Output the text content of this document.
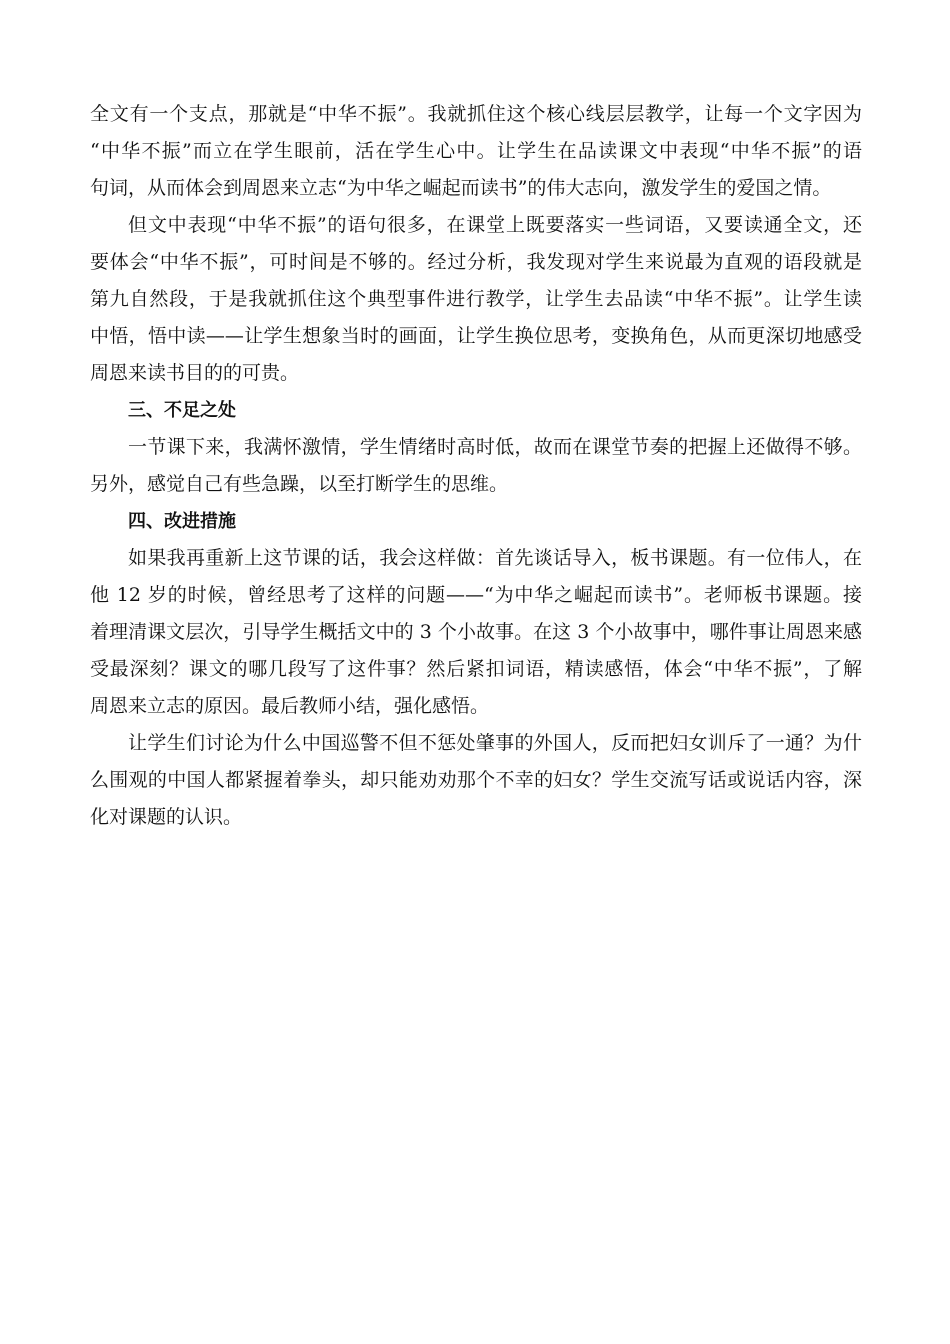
全文有一个支点，那就是“中华不振”。我就抓住这个核心线层层教学，让每一个文字因为
“中华不振”而立在学生眼前，活在学生心中。让学生在品读课文中表现“中华不振”的语
句词，从而体会到周恩来立志“为中华之崛起而读书”的伟大志向，激发学生的爱国之情。
但文中表现“中华不振”的语句很多，在课堂上既要落实一些词语，又要读通全文，还
要体会“中华不振”，可时间是不够的。经过分析，我发现对学生来说最为直观的语段就是
第九自然段，于是我就抓住这个典型事件进行教学，让学生去品读“中华不振”。让学生读
中悟，悟中读——让学生想象当时的画面，让学生换位思考，变换角色，从而更深切地感受
周恩来读书目的的可贵。
三、不足之处
一节课下来，我满怀激情，学生情绪时高时低，故而在课堂节奏的把握上还做得不够。
另外，感觉自己有些急躁，以至打断学生的思维。
四、改进措施
如果我再重新上这节课的话，我会这样做：首先谈话导入，板书课题。有一位伟人，在
他 12 岁的时候，曾经思考了这样的问题——“为中华之崛起而读书”。老师板书课题。接
着理清课文层次，引导学生概括文中的 3 个小故事。在这 3 个小故事中，哪件事让周恩来感
受最深刻？课文的哪几段写了这件事？然后紧扣词语，精读感悟，体会“中华不振”，了解
周恩来立志的原因。最后教师小结，强化感悟。
让学生们讨论为什么中国巡警不但不惩处肇事的外国人，反而把妇女训斥了一通？为什
么围观的中国人都紧握着拳头，却只能劝劝那个不幸的妇女？学生交流写话或说话内容，深
化对课题的认识。
